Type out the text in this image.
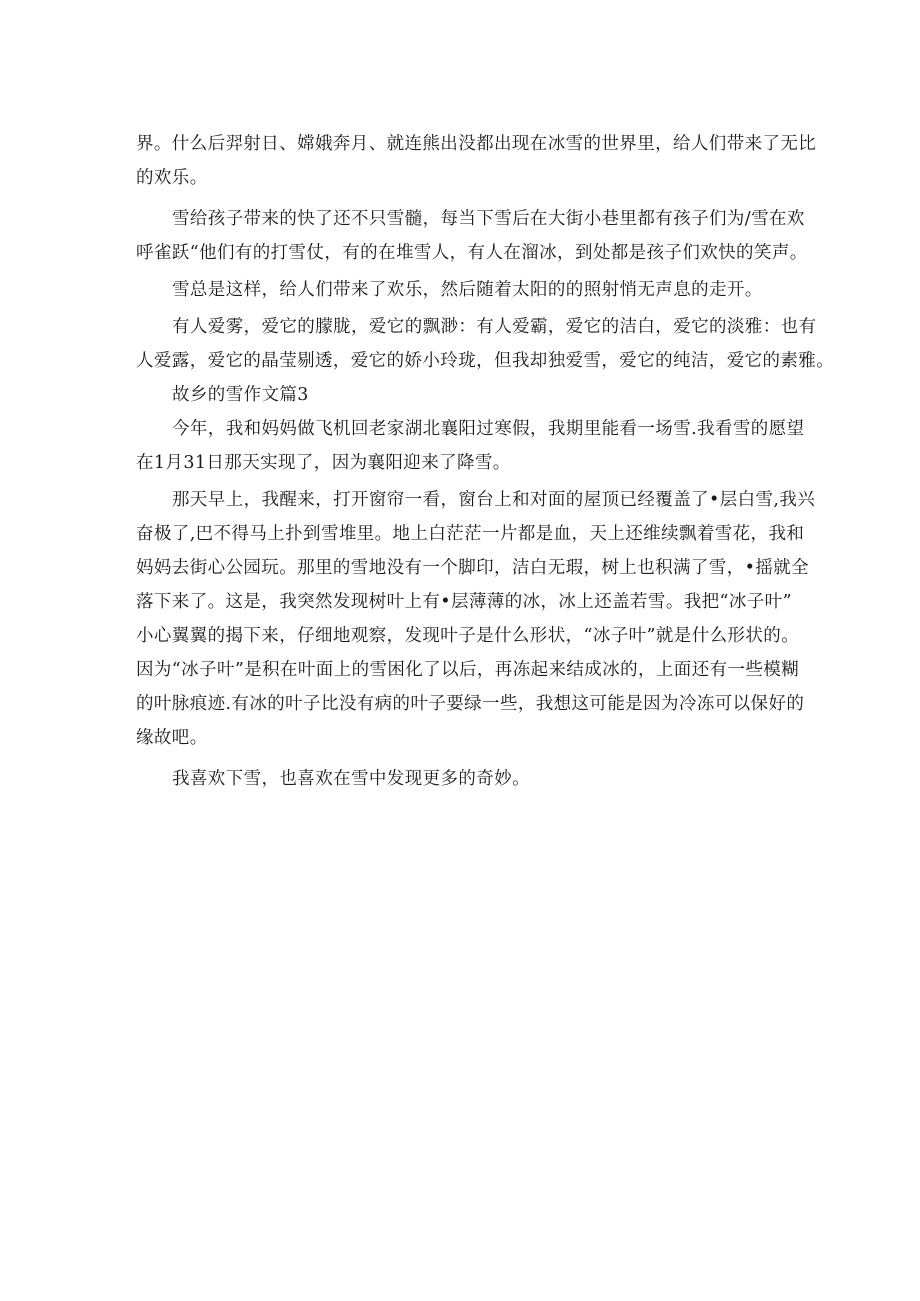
界。什么后羿射日、嫦娥奔月、就连熊出没都出现在冰雪的世界里，给人们带来了无比
的欢乐。
雪给孩子带来的快了还不只雪髓，每当下雪后在大街小巷里都有孩子们为/雪在欢
呼雀跃“他们有的打雪仗，有的在堆雪人，有人在溜冰，到处都是孩子们欢快的笑声。
雪总是这样，给人们带来了欢乐，然后随着太阳的的照射悄无声息的走开。
有人爱雾，爱它的朦胧，爱它的飘渺：有人爱霸，爱它的洁白，爱它的淡雅：也有
人爱露，爱它的晶莹剔透，爱它的娇小玲珑，但我却独爱雪，爱它的纯洁，爱它的素雅。
故乡的雪作文篇3
今年，我和妈妈做飞机回老家湖北襄阳过寒假，我期里能看一场雪.我看雪的愿望
在1月31日那天实现了，因为襄阳迎来了降雪。
那天早上，我醒来，打开窗帘一看，窗台上和对面的屋顶已经覆盖了•层白雪,我兴
奋极了,巴不得马上扑到雪堆里。地上白茫茫一片都是血，天上还维续飘着雪花，我和
妈妈去街心公园玩。那里的雪地没有一个脚印，洁白无瑕，树上也积满了雪，•摇就全
落下来了。这是，我突然发现树叶上有•层薄薄的冰，冰上还盖若雪。我把“冰子叶”
小心翼翼的揭下来，仔细地观察，发现叶子是什么形状，“冰子叶”就是什么形状的。
因为“冰子叶”是积在叶面上的雪困化了以后，再冻起来结成冰的，上面还有一些模糊
的叶脉痕迹.有冰的叶子比没有病的叶子要绿一些，我想这可能是因为冷冻可以保好的
缘故吧。
我喜欢下雪，也喜欢在雪中发现更多的奇妙。
